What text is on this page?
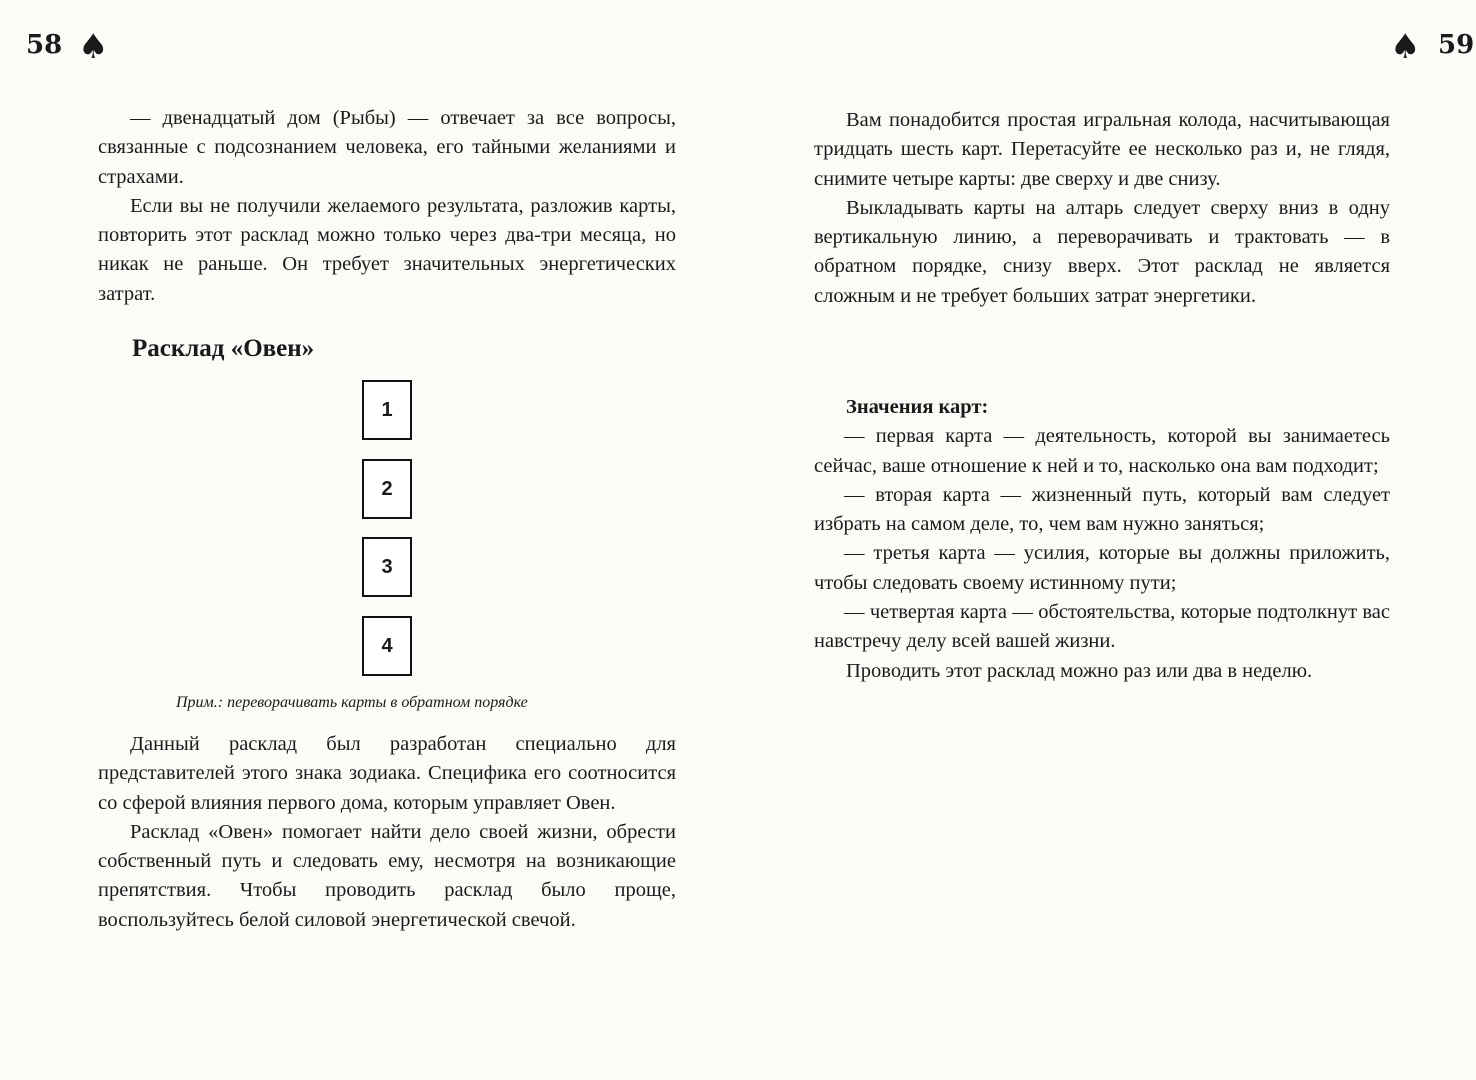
58 ♠

— двенадцатый дом (Рыбы) — отвечает за все вопросы, связанные с подсознанием человека, его тайными желаниями и страхами.

Если вы не получили желаемого результата, разложив карты, повторить этот расклад можно только через два-три месяца, но никак не раньше. Он требует значительных энергетических затрат.

Расклад «Овен»
1
2
3
4
Прим.: переворачивать карты в обратном порядке

Данный расклад был разработан специально для представителей этого знака зодиака. Специфика его соотносится со сферой влияния первого дома, которым управляет Овен.

Расклад «Овен» помогает найти дело своей жизни, обрести собственный путь и следовать ему, несмотря на возникающие препятствия. Чтобы проводить расклад было проще, воспользуйтесь белой силовой энергетической свечой.

♠ 59

Вам понадобится простая игральная колода, насчитывающая тридцать шесть карт. Перетасуйте ее несколько раз и, не глядя, снимите четыре карты: две сверху и две снизу.

Выкладывать карты на алтарь следует сверху вниз в одну вертикальную линию, а переворачивать и трактовать — в обратном порядке, снизу вверх. Этот расклад не является сложным и не требует больших затрат энергетики.

Значения карт:

— первая карта — деятельность, которой вы занимаетесь сейчас, ваше отношение к ней и то, насколько она вам подходит;

— вторая карта — жизненный путь, который вам следует избрать на самом деле, то, чем вам нужно заняться;

— третья карта — усилия, которые вы должны приложить, чтобы следовать своему истинному пути;

— четвертая карта — обстоятельства, которые подтолкнут вас навстречу делу всей вашей жизни.

Проводить этот расклад можно раз или два в неделю.
